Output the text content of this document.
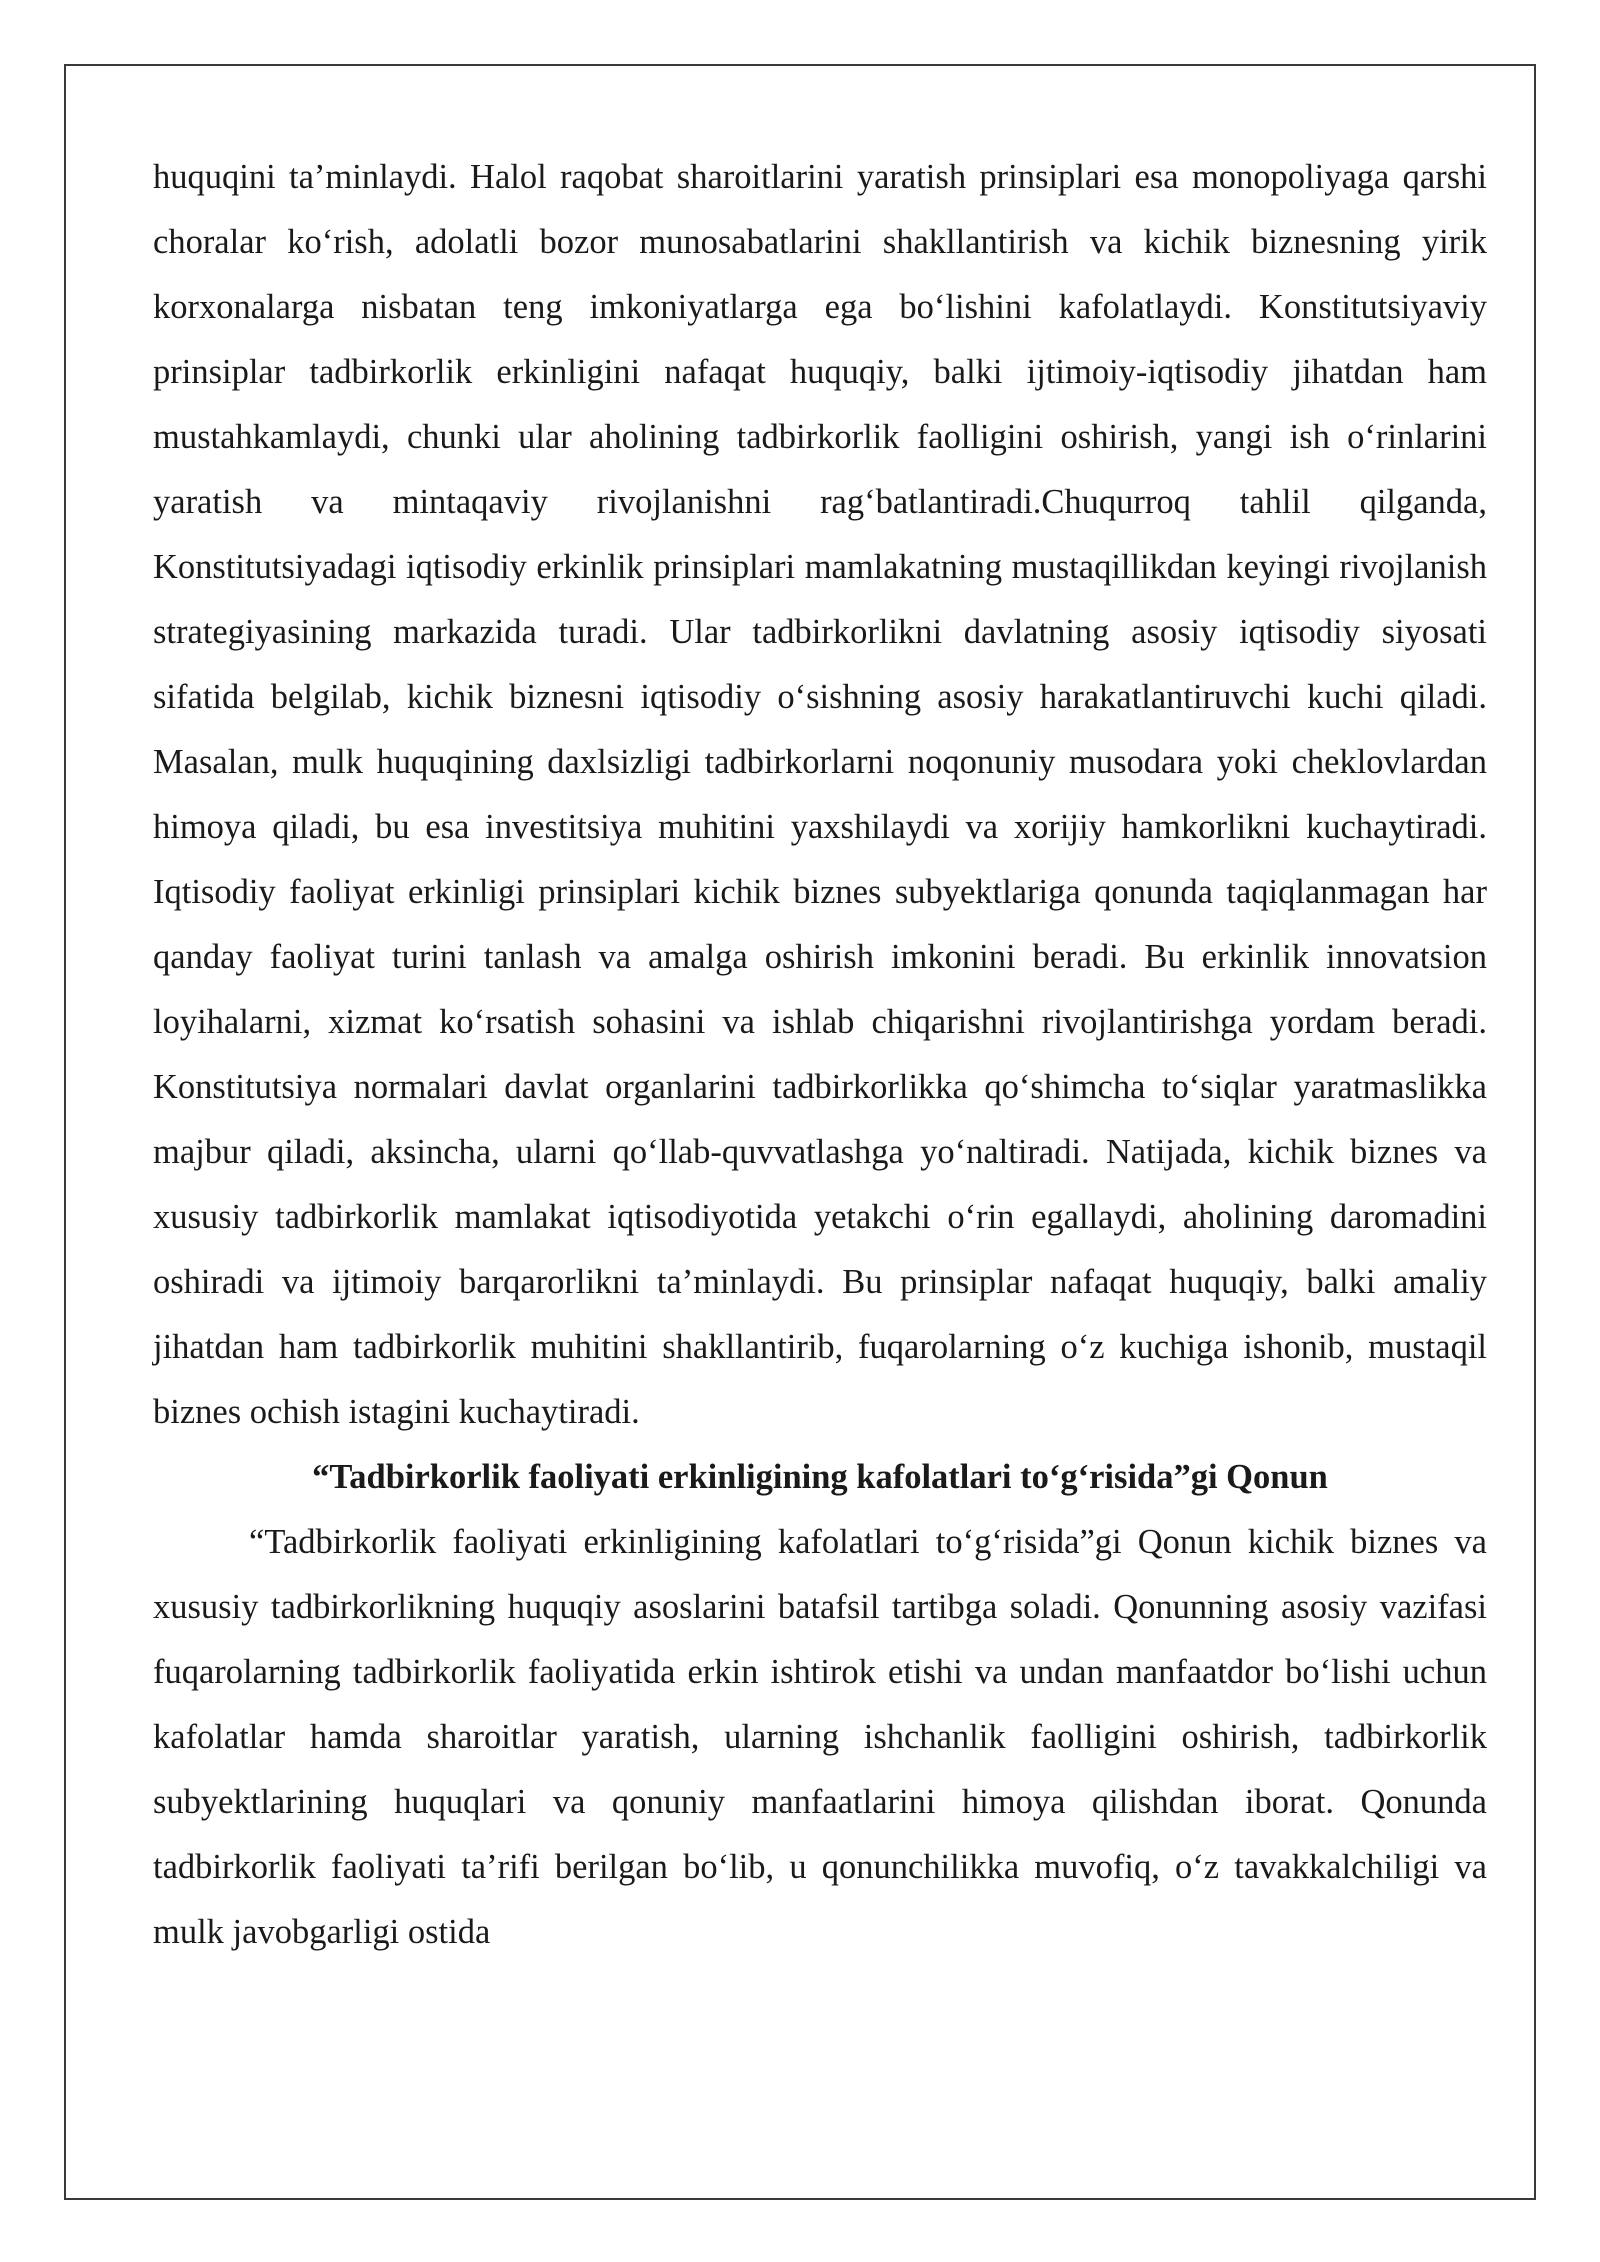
huquqini ta’minlaydi. Halol raqobat sharoitlarini yaratish prinsiplari esa monopoliyaga qarshi choralar ko‘rish, adolatli bozor munosabatlarini shakllantirish va kichik biznesning yirik korxonalarga nisbatan teng imkoniyatlarga ega bo‘lishini kafolatlaydi. Konstitutsiyaviy prinsiplar tadbirkorlik erkinligini nafaqat huquqiy, balki ijtimoiy-iqtisodiy jihatdan ham mustahkamlaydi, chunki ular aholining tadbirkorlik faolligini oshirish, yangi ish o‘rinlarini yaratish va mintaqaviy rivojlanishni rag‘batlantiradi.Chuqurroq tahlil qilganda, Konstitutsiyadagi iqtisodiy erkinlik prinsiplari mamlakatning mustaqillikdan keyingi rivojlanish strategiyasining markazida turadi. Ular tadbirkorlikni davlatning asosiy iqtisodiy siyosati sifatida belgilab, kichik biznesni iqtisodiy o‘sishning asosiy harakatlantiruvchi kuchi qiladi. Masalan, mulk huquqining daxlsizligi tadbirkorlarni noqonuniy musodara yoki cheklovlardan himoya qiladi, bu esa investitsiya muhitini yaxshilaydi va xorijiy hamkorlikni kuchaytiradi. Iqtisodiy faoliyat erkinligi prinsiplari kichik biznes subyektlariga qonunda taqiqlanmagan har qanday faoliyat turini tanlash va amalga oshirish imkonini beradi. Bu erkinlik innovatsion loyihalarni, xizmat ko‘rsatish sohasini va ishlab chiqarishni rivojlantirishga yordam beradi. Konstitutsiya normalari davlat organlarini tadbirkorlikka qo‘shimcha to‘siqlar yaratmaslikka majbur qiladi, aksincha, ularni qo‘llab-quvvatlashga yo‘naltiradi. Natijada, kichik biznes va xususiy tadbirkorlik mamlakat iqtisodiyotida yetakchi o‘rin egallaydi, aholining daromadini oshiradi va ijtimoiy barqarorlikni ta’minlaydi. Bu prinsiplar nafaqat huquqiy, balki amaliy jihatdan ham tadbirkorlik muhitini shakllantirib, fuqarolarning o‘z kuchiga ishonib, mustaqil biznes ochish istagini kuchaytiradi.

“Tadbirkorlik faoliyati erkinligining kafolatlari to‘g‘risida”gi Qonun

“Tadbirkorlik faoliyati erkinligining kafolatlari to‘g‘risida”gi Qonun kichik biznes va xususiy tadbirkorlikning huquqiy asoslarini batafsil tartibga soladi. Qonunning asosiy vazifasi fuqarolarning tadbirkorlik faoliyatida erkin ishtirok etishi va undan manfaatdor bo‘lishi uchun kafolatlar hamda sharoitlar yaratish, ularning ishchanlik faolligini oshirish, tadbirkorlik subyektlarining huquqlari va qonuniy manfaatlarini himoya qilishdan iborat. Qonunda tadbirkorlik faoliyati ta’rifi berilgan bo‘lib, u qonunchilikka muvofiq, o‘z tavakkalchiligi va mulk javobgarligi ostida
